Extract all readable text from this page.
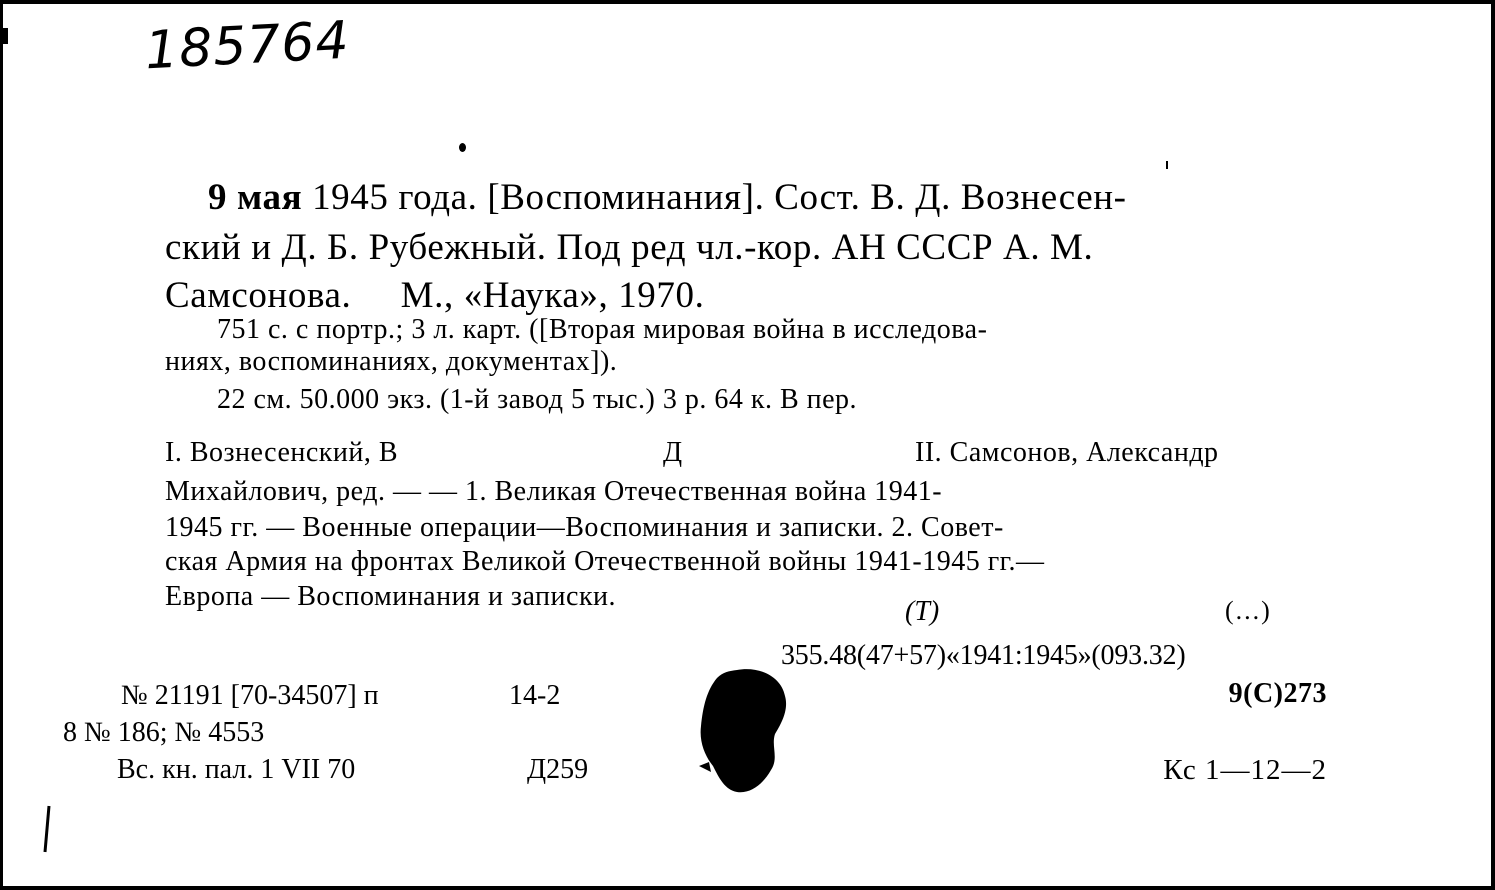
185764
9 мая 1945 года. [Воспоминания]. Сост. В. Д. Вознесен-
ский и Д. Б. Рубежный. Под ред чл.-кор. АН СССР А. М.
Самсонова.     М., «Наука», 1970.
751 с. с портр.; 3 л. карт. ([Вторая мировая война в исследова-
ниях, воспоминаниях, документах]).
22 см. 50.000 экз. (1-й завод 5 тыс.) 3 р. 64 к. В пер.
I. Вознесенский, В	Д	II. Самсонов, Александр
Михайлович, ред. — — 1. Великая Отечественная война 1941-
1945 гг. — Военные операции—Воспоминания и записки. 2. Совет-
ская Армия на фронтах Великой Отечественной войны 1941-1945 гг.—
Европа — Воспоминания и записки.	(Т)	(...)
355.48(47+57)«1941:1945»(093.32)
9(С)273
№ 21191 [70-34507] п	14-2
8 № 186; № 4553
Вс. кн. пал. 1 VII 70	Д259	Кс 1—12—2
